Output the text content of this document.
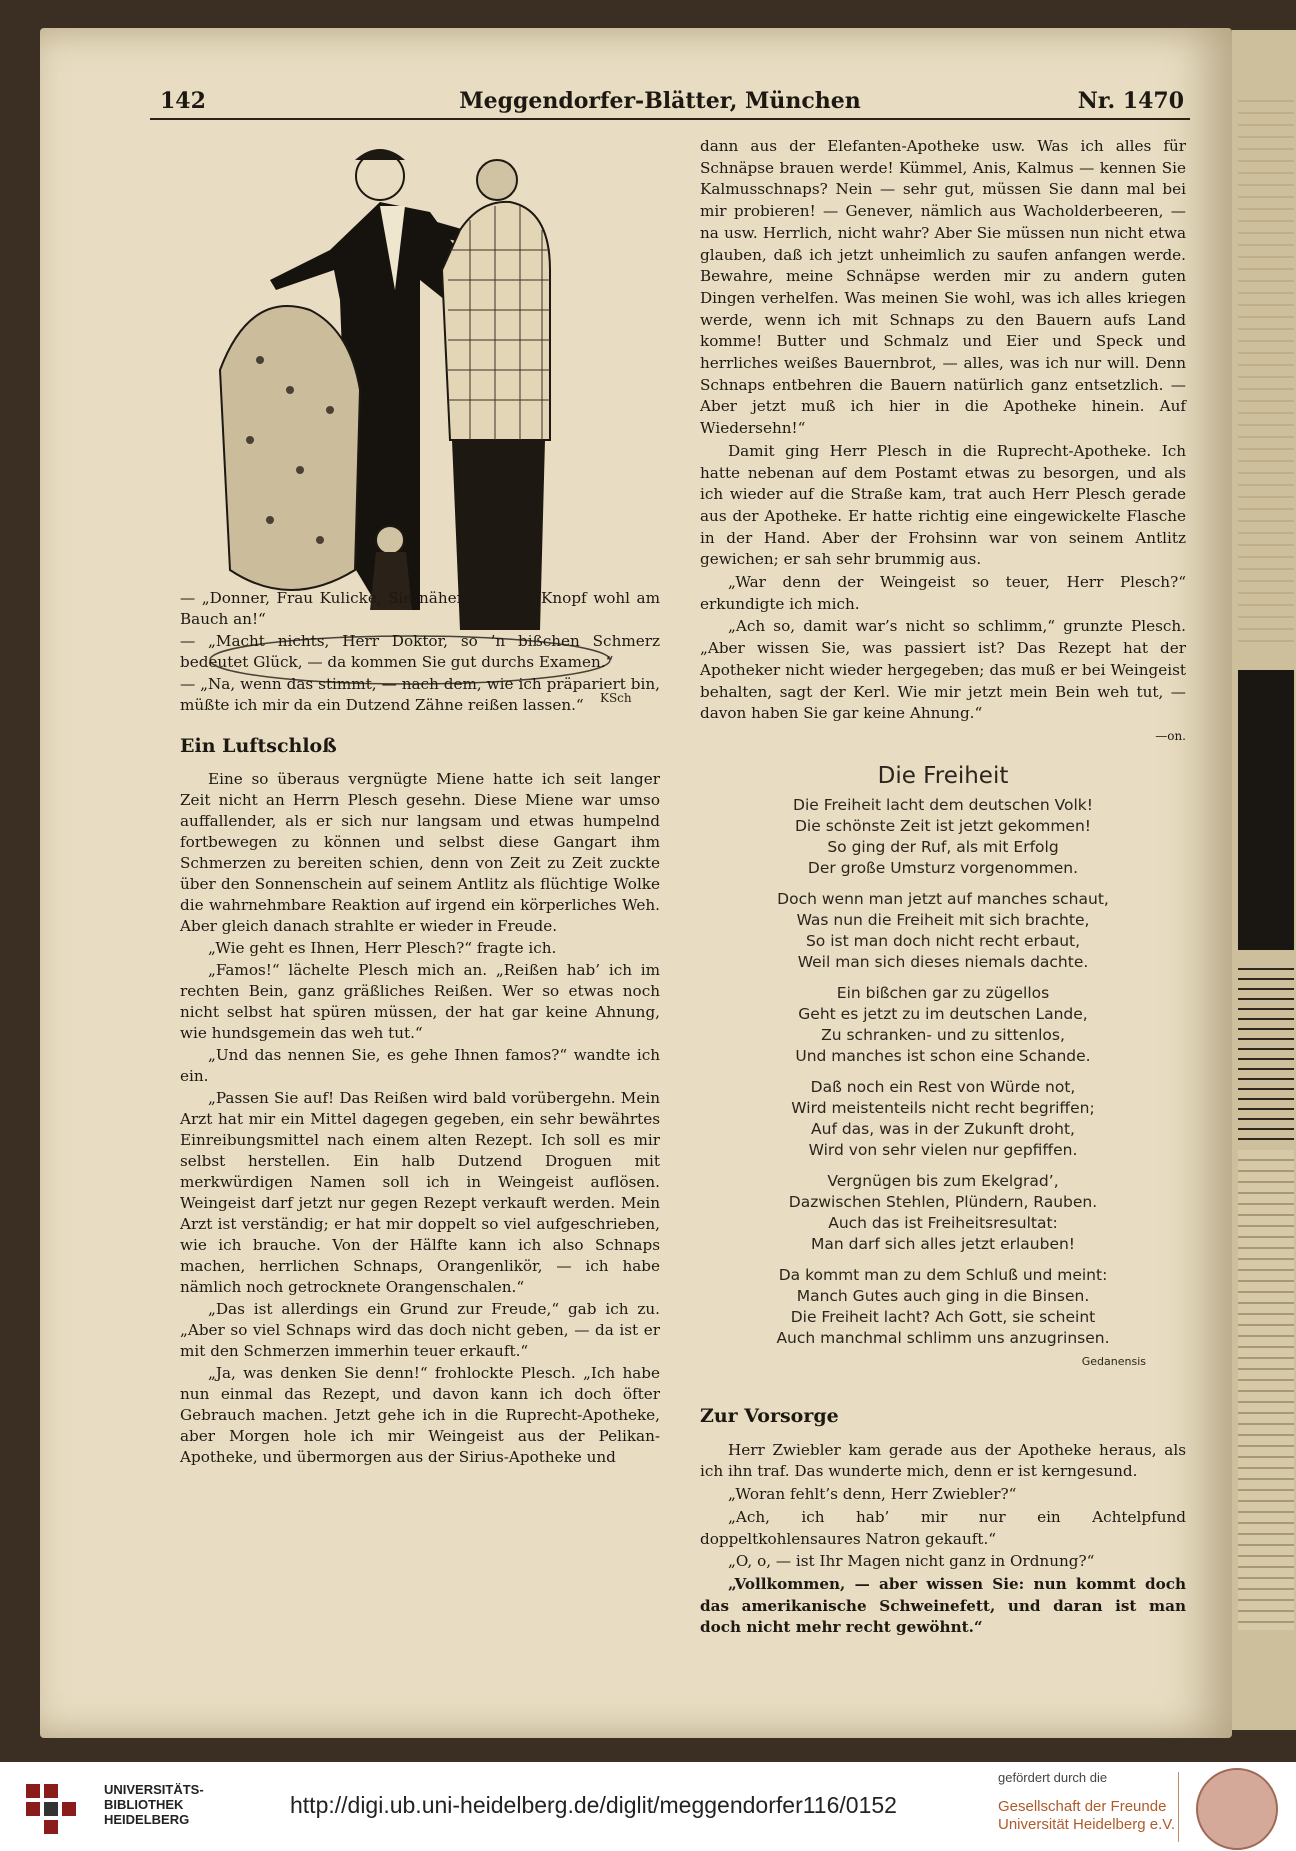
142	Meggendorfer-Blätter, München	Nr. 1470
KSch

— „Donner, Frau Kulicke, Sie nähen mir den Knopf wohl am Bauch an!“

— „Macht nichts, Herr Doktor, so ’n bißchen Schmerz bedeutet Glück, — da kommen Sie gut durchs Examen.“

— „Na, wenn das stimmt, — nach dem, wie ich präpariert bin, müßte ich mir da ein Dutzend Zähne reißen lassen.“

Ein Luftschloß

Eine so überaus vergnügte Miene hatte ich seit langer Zeit nicht an Herrn Plesch gesehn. Diese Miene war umso auffallender, als er sich nur langsam und etwas humpelnd fortbewegen zu können und selbst diese Gangart ihm Schmerzen zu bereiten schien, denn von Zeit zu Zeit zuckte über den Sonnenschein auf seinem Antlitz als flüchtige Wolke die wahrnehmbare Reaktion auf irgend ein körperliches Weh. Aber gleich danach strahlte er wieder in Freude.

„Wie geht es Ihnen, Herr Plesch?“ fragte ich.

„Famos!“ lächelte Plesch mich an. „Reißen hab’ ich im rechten Bein, ganz gräßliches Reißen. Wer so etwas noch nicht selbst hat spüren müssen, der hat gar keine Ahnung, wie hundsgemein das weh tut.“

„Und das nennen Sie, es gehe Ihnen famos?“ wandte ich ein.

„Passen Sie auf! Das Reißen wird bald vorübergehn. Mein Arzt hat mir ein Mittel dagegen gegeben, ein sehr bewährtes Einreibungsmittel nach einem alten Rezept. Ich soll es mir selbst herstellen. Ein halb Dutzend Droguen mit merkwürdigen Namen soll ich in Weingeist auflösen. Weingeist darf jetzt nur gegen Rezept verkauft werden. Mein Arzt ist verständig; er hat mir doppelt so viel aufgeschrieben, wie ich brauche. Von der Hälfte kann ich also Schnaps machen, herrlichen Schnaps, Orangenlikör, — ich habe nämlich noch getrocknete Orangenschalen.“

„Das ist allerdings ein Grund zur Freude,“ gab ich zu. „Aber so viel Schnaps wird das doch nicht geben, — da ist er mit den Schmerzen immerhin teuer erkauft.“

„Ja, was denken Sie denn!“ frohlockte Plesch. „Ich habe nun einmal das Rezept, und davon kann ich doch öfter Gebrauch machen. Jetzt gehe ich in die Ruprecht-Apotheke, aber Morgen hole ich mir Weingeist aus der Pelikan-Apotheke, und übermorgen aus der Sirius-Apotheke und

dann aus der Elefanten-Apotheke usw. Was ich alles für Schnäpse brauen werde! Kümmel, Anis, Kalmus — kennen Sie Kalmusschnaps? Nein — sehr gut, müssen Sie dann mal bei mir probieren! — Genever, nämlich aus Wacholderbeeren, — na usw. Herrlich, nicht wahr? Aber Sie müssen nun nicht etwa glauben, daß ich jetzt unheimlich zu saufen anfangen werde. Bewahre, meine Schnäpse werden mir zu andern guten Dingen verhelfen. Was meinen Sie wohl, was ich alles kriegen werde, wenn ich mit Schnaps zu den Bauern aufs Land komme! Butter und Schmalz und Eier und Speck und herrliches weißes Bauernbrot, — alles, was ich nur will. Denn Schnaps entbehren die Bauern natürlich ganz entsetzlich. — Aber jetzt muß ich hier in die Apotheke hinein. Auf Wiedersehn!“

Damit ging Herr Plesch in die Ruprecht-Apotheke. Ich hatte nebenan auf dem Postamt etwas zu besorgen, und als ich wieder auf die Straße kam, trat auch Herr Plesch gerade aus der Apotheke. Er hatte richtig eine eingewickelte Flasche in der Hand. Aber der Frohsinn war von seinem Antlitz gewichen; er sah sehr brummig aus.

„War denn der Weingeist so teuer, Herr Plesch?“ erkundigte ich mich.

„Ach so, damit war’s nicht so schlimm,“ grunzte Plesch. „Aber wissen Sie, was passiert ist? Das Rezept hat der Apotheker nicht wieder hergegeben; das muß er bei Weingeist behalten, sagt der Kerl. Wie mir jetzt mein Bein weh tut, — davon haben Sie gar keine Ahnung.“

—on.

Die Freiheit
Die Freiheit lacht dem deutschen Volk!
Die schönste Zeit ist jetzt gekommen!
So ging der Ruf, als mit Erfolg
Der große Umsturz vorgenommen.
Doch wenn man jetzt auf manches schaut,
Was nun die Freiheit mit sich brachte,
So ist man doch nicht recht erbaut,
Weil man sich dieses niemals dachte.
Ein bißchen gar zu zügellos
Geht es jetzt zu im deutschen Lande,
Zu schranken- und zu sittenlos,
Und manches ist schon eine Schande.
Daß noch ein Rest von Würde not,
Wird meistenteils nicht recht begriffen;
Auf das, was in der Zukunft droht,
Wird von sehr vielen nur gepfiffen.
Vergnügen bis zum Ekelgrad’,
Dazwischen Stehlen, Plündern, Rauben.
Auch das ist Freiheitsresultat:
Man darf sich alles jetzt erlauben!
Da kommt man zu dem Schluß und meint:
Manch Gutes auch ging in die Binsen.
Die Freiheit lacht? Ach Gott, sie scheint
Auch manchmal schlimm uns anzugrinsen.
Gedanensis

Zur Vorsorge

Herr Zwiebler kam gerade aus der Apotheke heraus, als ich ihn traf. Das wunderte mich, denn er ist kerngesund.

„Woran fehlt’s denn, Herr Zwiebler?“

„Ach, ich hab’ mir nur ein Achtelpfund doppeltkohlensaures Natron gekauft.“

„O, o, — ist Ihr Magen nicht ganz in Ordnung?“

„Vollkommen, — aber wissen Sie: nun kommt doch das amerikanische Schweinefett, und daran ist man doch nicht mehr recht gewöhnt.“

UNIVERSITÄTS-
BIBLIOTHEK
HEIDELBERG
http://digi.ub.uni-heidelberg.de/diglit/meggendorfer116/0152
gefördert durch die
Gesellschaft der Freunde
Universität Heidelberg e.V.
